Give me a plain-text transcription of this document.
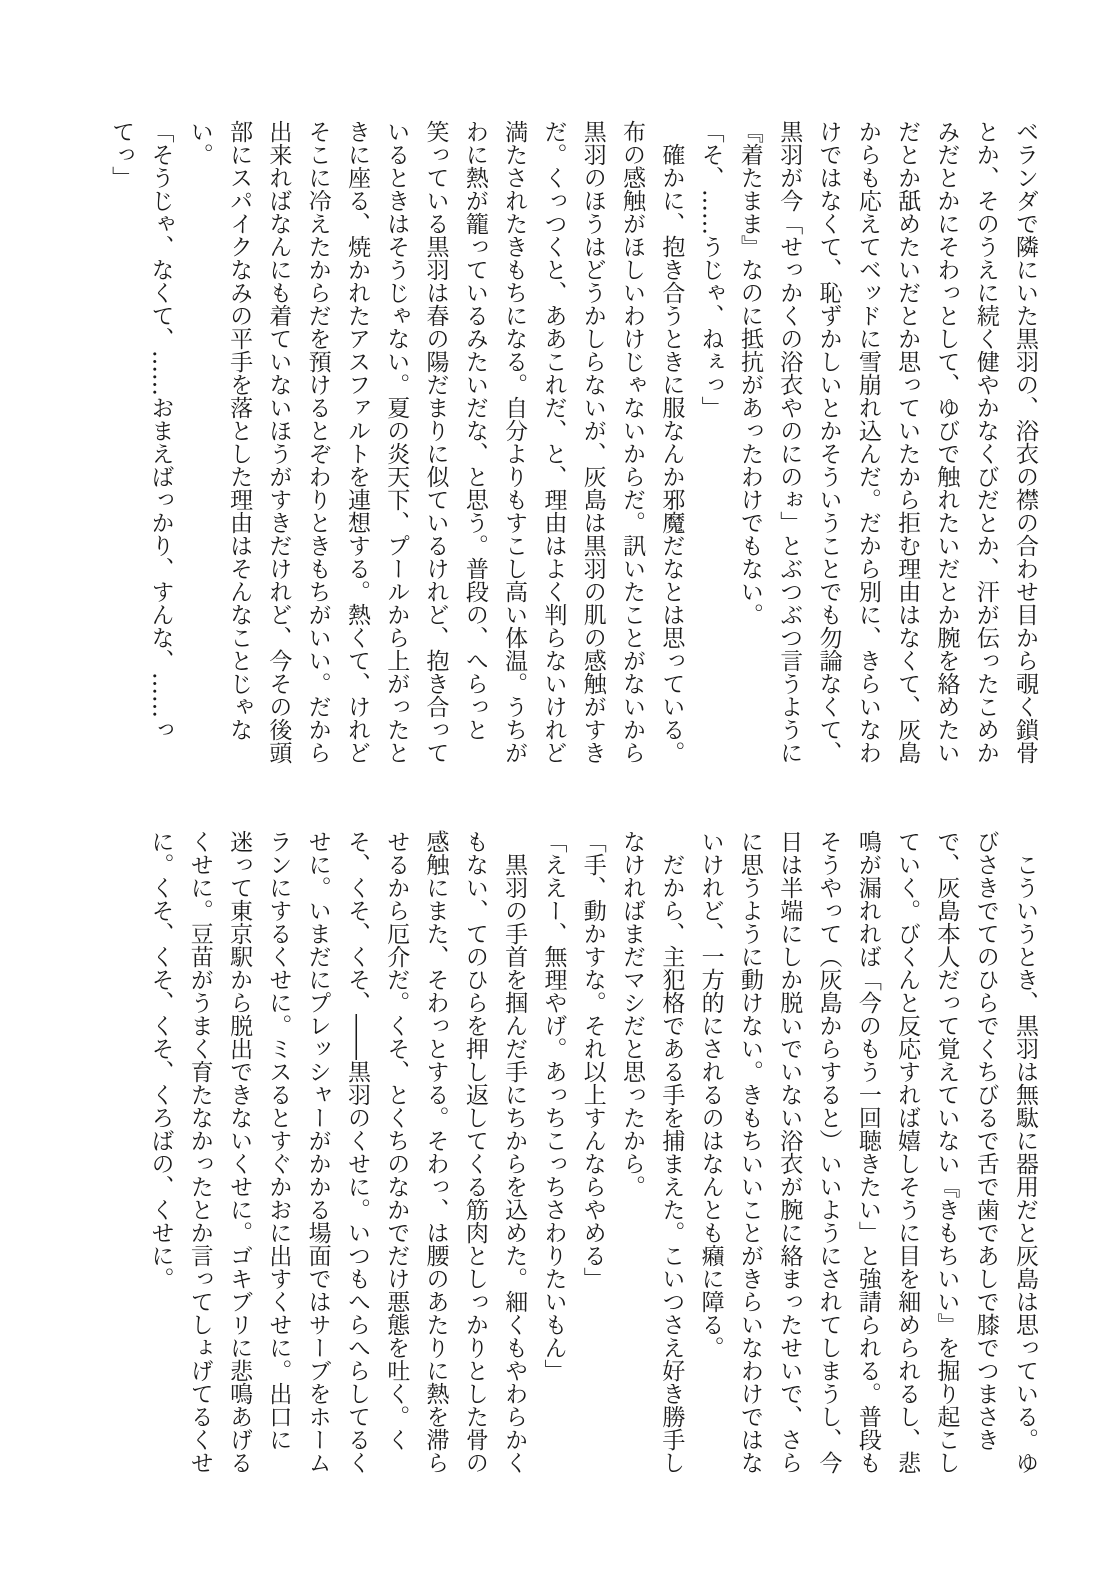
ベランダで隣にいた黒羽の、浴衣の襟の合わせ目から覗く鎖骨とか、そのうえに続く健やかなくびだとか、汗が伝ったこめかみだとかにそわっとして、ゆびで触れたいだとか腕を絡めたいだとか舐めたいだとか思っていたから拒む理由はなくて、灰島からも応えてベッドに雪崩れ込んだ。だから別に、きらいなわけではなくて、恥ずかしいとかそういうことでも勿論なくて、黒羽が今「せっかくの浴衣やのにのぉ」とぶつぶつ言うように『着たまま』なのに抵抗があったわけでもない。

「そ、……うじゃ、ねぇっ」

確かに、抱き合うときに服なんか邪魔だなとは思っている。布の感触がほしいわけじゃないからだ。訊いたことがないから黒羽のほうはどうかしらないが、灰島は黒羽の肌の感触がすきだ。くっつくと、ああこれだ、と、理由はよく判らないけれど満たされたきもちになる。自分よりもすこし高い体温。うちがわに熱が籠っているみたいだな、と思う。普段の、へらっと笑っている黒羽は春の陽だまりに似ているけれど、抱き合っているときはそうじゃない。夏の炎天下、プールから上がったときに座る、焼かれたアスファルトを連想する。熱くて、けれどそこに冷えたからだを預けるとぞわりときもちがいい。だから出来ればなんにも着ていないほうがすきだけれど、今その後頭部にスパイクなみの平手を落とした理由はそんなことじゃない。

「そうじゃ、なくて、……おまえばっかり、すんな、……ってっ」

こういうとき、黒羽は無駄に器用だと灰島は思っている。ゆびさきでてのひらでくちびるで舌で歯であしで膝でつまさきで、灰島本人だって覚えていない『きもちいい』を掘り起こしていく。びくんと反応すれば嬉しそうに目を細められるし、悲鳴が漏れれば「今のもう一回聴きたい」と強請られる。普段もそうやって（灰島からすると）いいようにされてしまうし、今日は半端にしか脱いでいない浴衣が腕に絡まったせいで、さらに思うように動けない。きもちいいことがきらいなわけではないけれど、一方的にされるのはなんとも癪に障る。

だから、主犯格である手を捕まえた。こいつさえ好き勝手しなければまだマシだと思ったから。

「手、動かすな。それ以上すんならやめる」

「ええー、無理やげ。あっちこっちさわりたいもん」

黒羽の手首を掴んだ手にちからを込めた。細くもやわらかくもない、てのひらを押し返してくる筋肉としっかりとした骨の感触にまた、そわっとする。そわっ、は腰のあたりに熱を滞らせるから厄介だ。くそ、とくちのなかでだけ悪態を吐く。くそ、くそ、くそ、――黒羽のくせに。いつもへらへらしてるくせに。いまだにプレッシャーがかかる場面ではサーブをホームランにするくせに。ミスるとすぐかおに出すくせに。出口に迷って東京駅から脱出できないくせに。ゴキブリに悲鳴あげるくせに。豆苗がうまく育たなかったとか言ってしょげてるくせに。くそ、くそ、くそ、くろばの、くせに。
